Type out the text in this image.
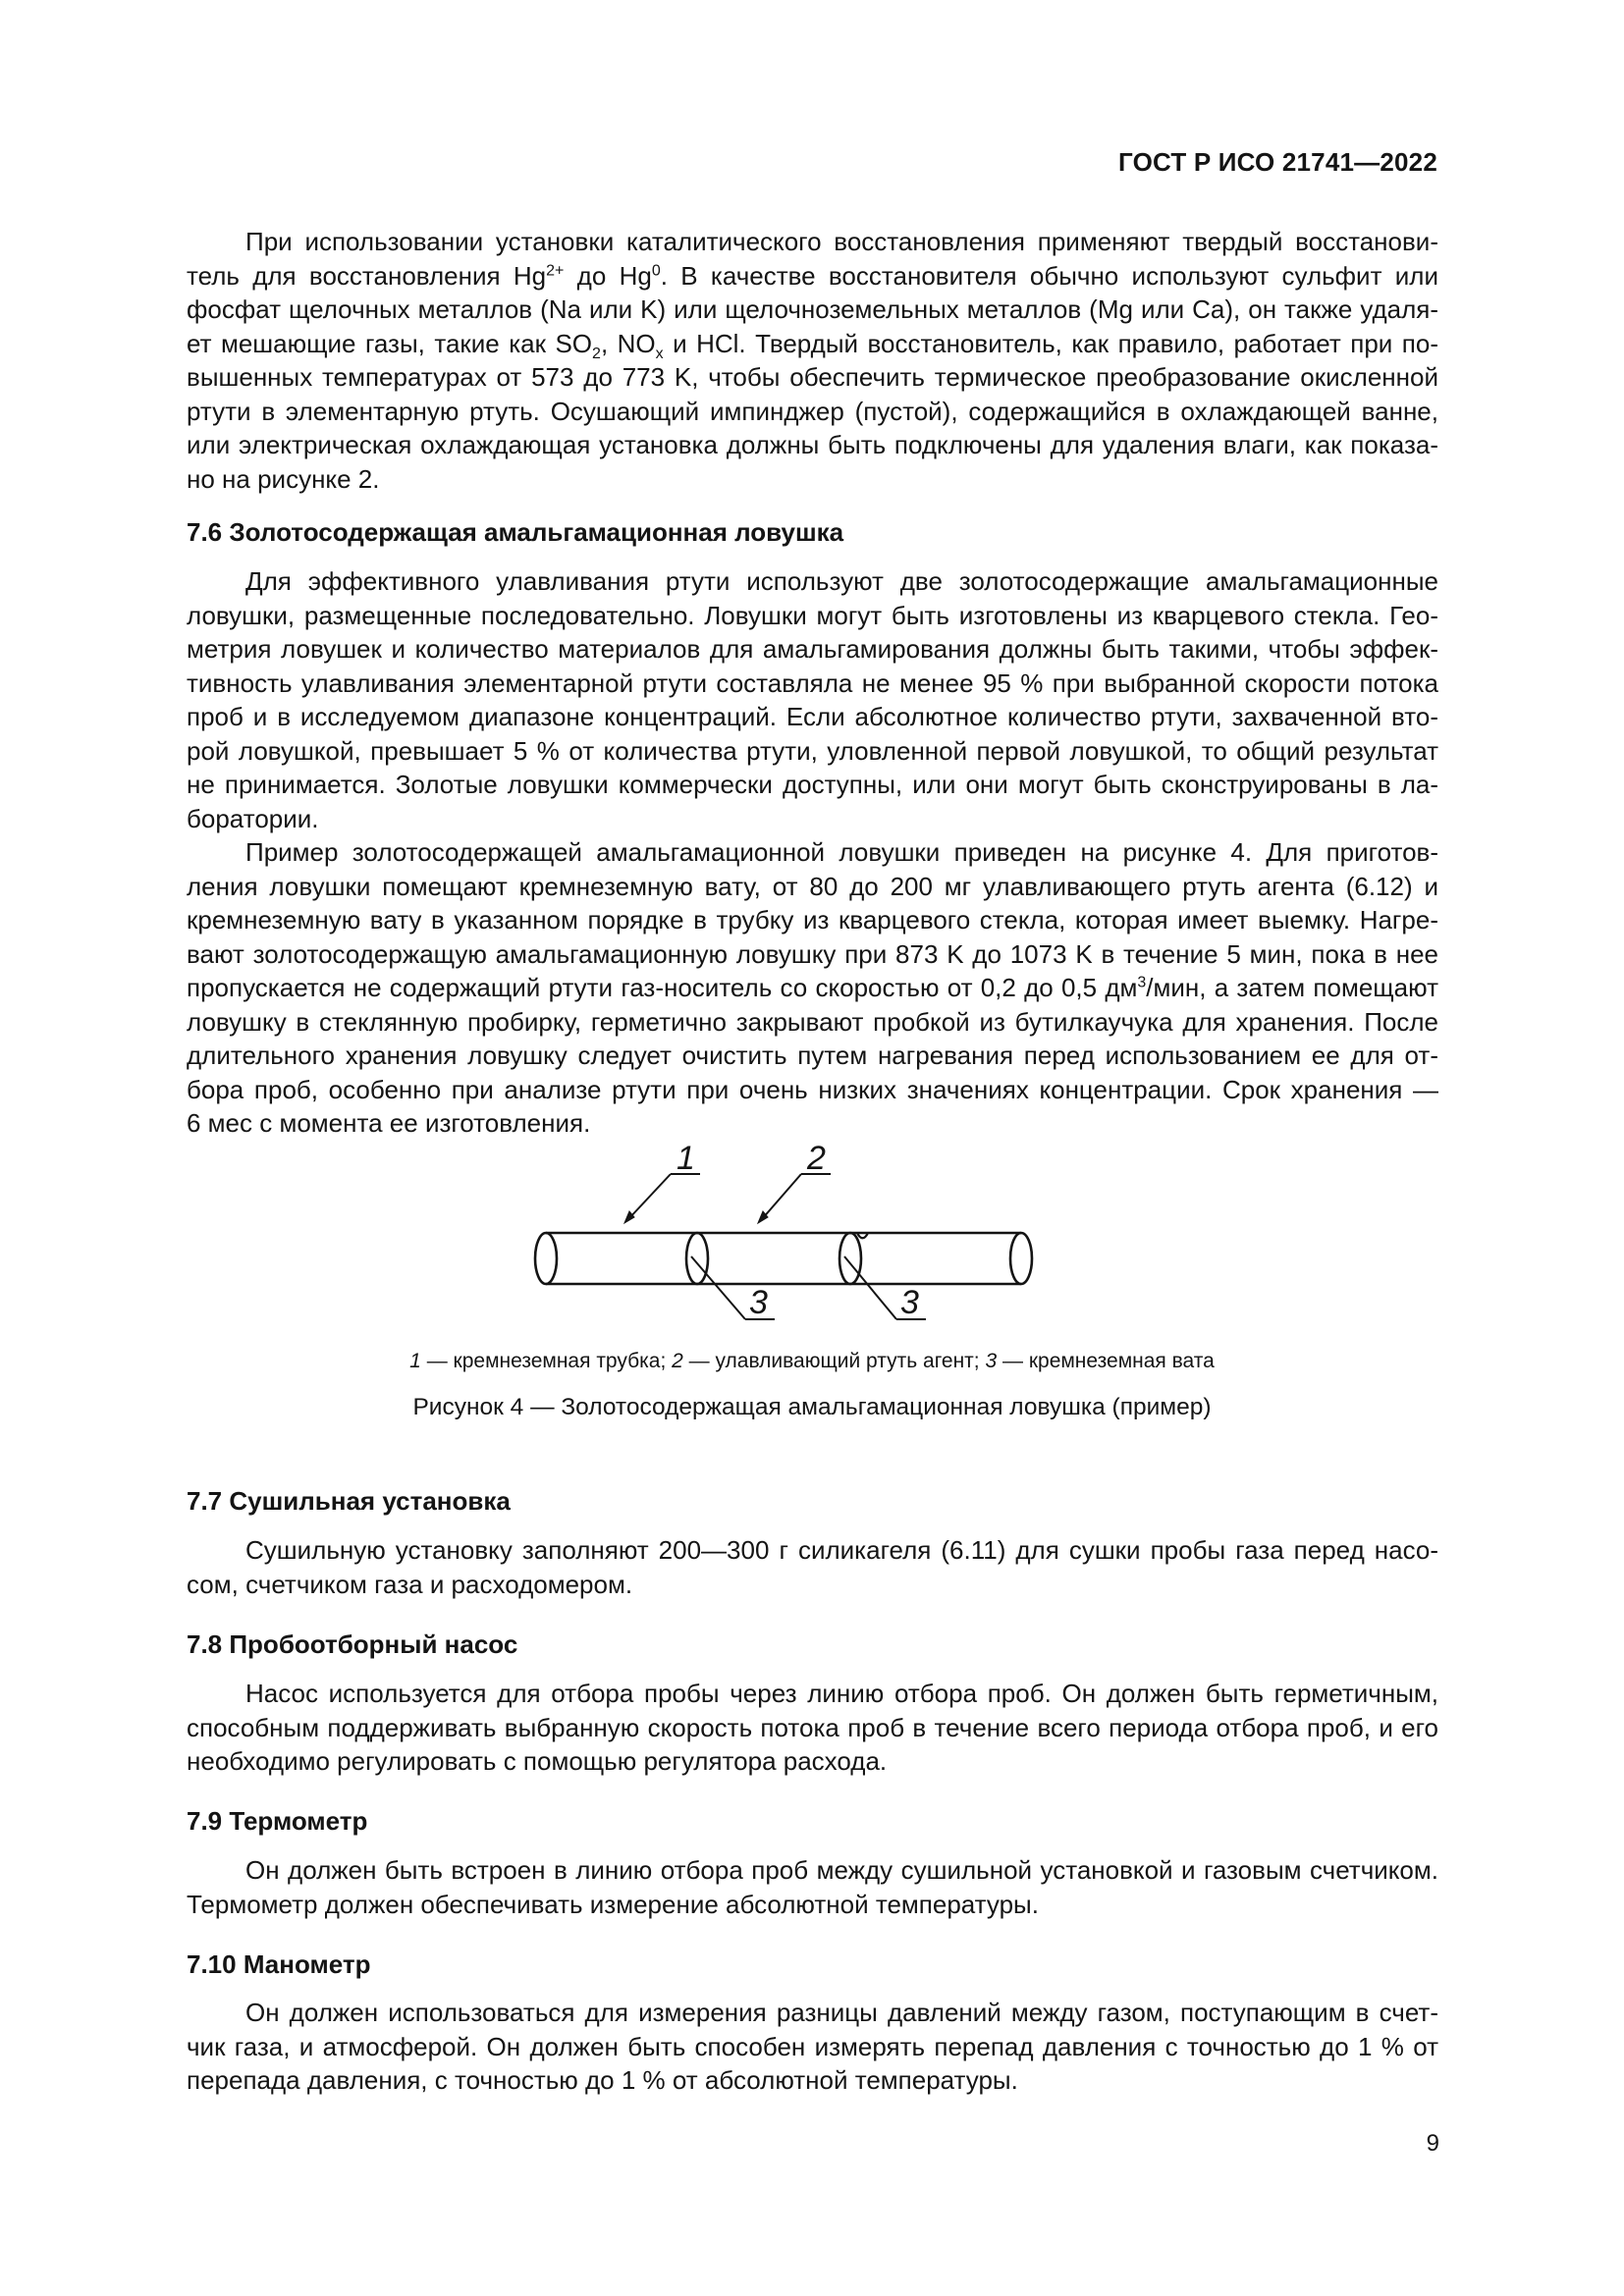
ГОСТ Р ИСО 21741—2022
При использовании установки каталитического восстановления применяют твердый восстанови-
тель для восстановления $Hg^{2+}$ до Hg$^0$. В качестве восстановителя обычно используют сульфит или
фосфат щелочных металлов (Na или K) или щелочноземельных металлов (Mg или Ca), он также удаля-
ет мешающие газы, такие как $SO_2$, $NO_x$ и HCl. Твердый восстановитель, как правило, работает при по-
вышенных температурах от 573 до 773 K, чтобы обеспечить термическое преобразование окисленной
ртути в элементарную ртуть. Осушающий импинджер (пустой), содержащийся в охлаждающей ванне,
или электрическая охлаждающая установка должны быть подключены для удаления влаги, как показа-
но на рисунке 2.
7.6 Золотосодержащая амальгамационная ловушка
Для эффективного улавливания ртути используют две золотосодержащие амальгамационные
ловушки, размещенные последовательно. Ловушки могут быть изготовлены из кварцевого стекла. Гео-
метрия ловушек и количество материалов для амальгамирования должны быть такими, чтобы эффек-
тивность улавливания элементарной ртути составляла не менее 95 % при выбранной скорости потока
проб и в исследуемом диапазоне концентраций. Если абсолютное количество ртути, захваченной вто-
рой ловушкой, превышает 5 % от количества ртути, уловленной первой ловушкой, то общий результат
не принимается. Золотые ловушки коммерчески доступны, или они могут быть сконструированы в ла-
боратории.
Пример золотосодержащей амальгамационной ловушки приведен на рисунке 4. Для приготов-
ления ловушки помещают кремнеземную вату, от 80 до 200 мг улавливающего ртуть агента (6.12) и
кремнеземную вату в указанном порядке в трубку из кварцевого стекла, которая имеет выемку. Нагре-
вают золотосодержащую амальгамационную ловушку при 873 K до 1073 K в течение 5 мин, пока в нее
пропускается не содержащий ртути газ-носитель со скоростью от 0,2 до 0,5 $дм^3$/мин, а затем помещают
ловушку в стеклянную пробирку, герметично закрывают пробкой из бутилкаучука для хранения. После
длительного хранения ловушку следует очистить путем нагревания перед использованием ее для от-
бора проб, особенно при анализе ртути при очень низких значениях концентрации. Срок хранения —
6 мес с момента ее изготовления.
1	2
3	3
1 — кремнеземная трубка; 2 — улавливающий ртуть агент; 3 — кремнеземная вата
Рисунок 4 — Золотосодержащая амальгамационная ловушка (пример)
7.7 Сушильная установка
Сушильную установку заполняют 200—300 г силикагеля (6.11) для сушки пробы газа перед насо-
сом, счетчиком газа и расходомером.
7.8 Пробоотборный насос
Насос используется для отбора пробы через линию отбора проб. Он должен быть герметичным,
способным поддерживать выбранную скорость потока проб в течение всего периода отбора проб, и его
необходимо регулировать с помощью регулятора расхода.
7.9 Термометр
Он должен быть встроен в линию отбора проб между сушильной установкой и газовым счетчиком.
Термометр должен обеспечивать измерение абсолютной температуры.
7.10 Манометр
Он должен использоваться для измерения разницы давлений между газом, поступающим в счет-
чик газа, и атмосферой. Он должен быть способен измерять перепад давления с точностью до 1 % от
перепада давления, с точностью до 1 % от абсолютной температуры.
9
